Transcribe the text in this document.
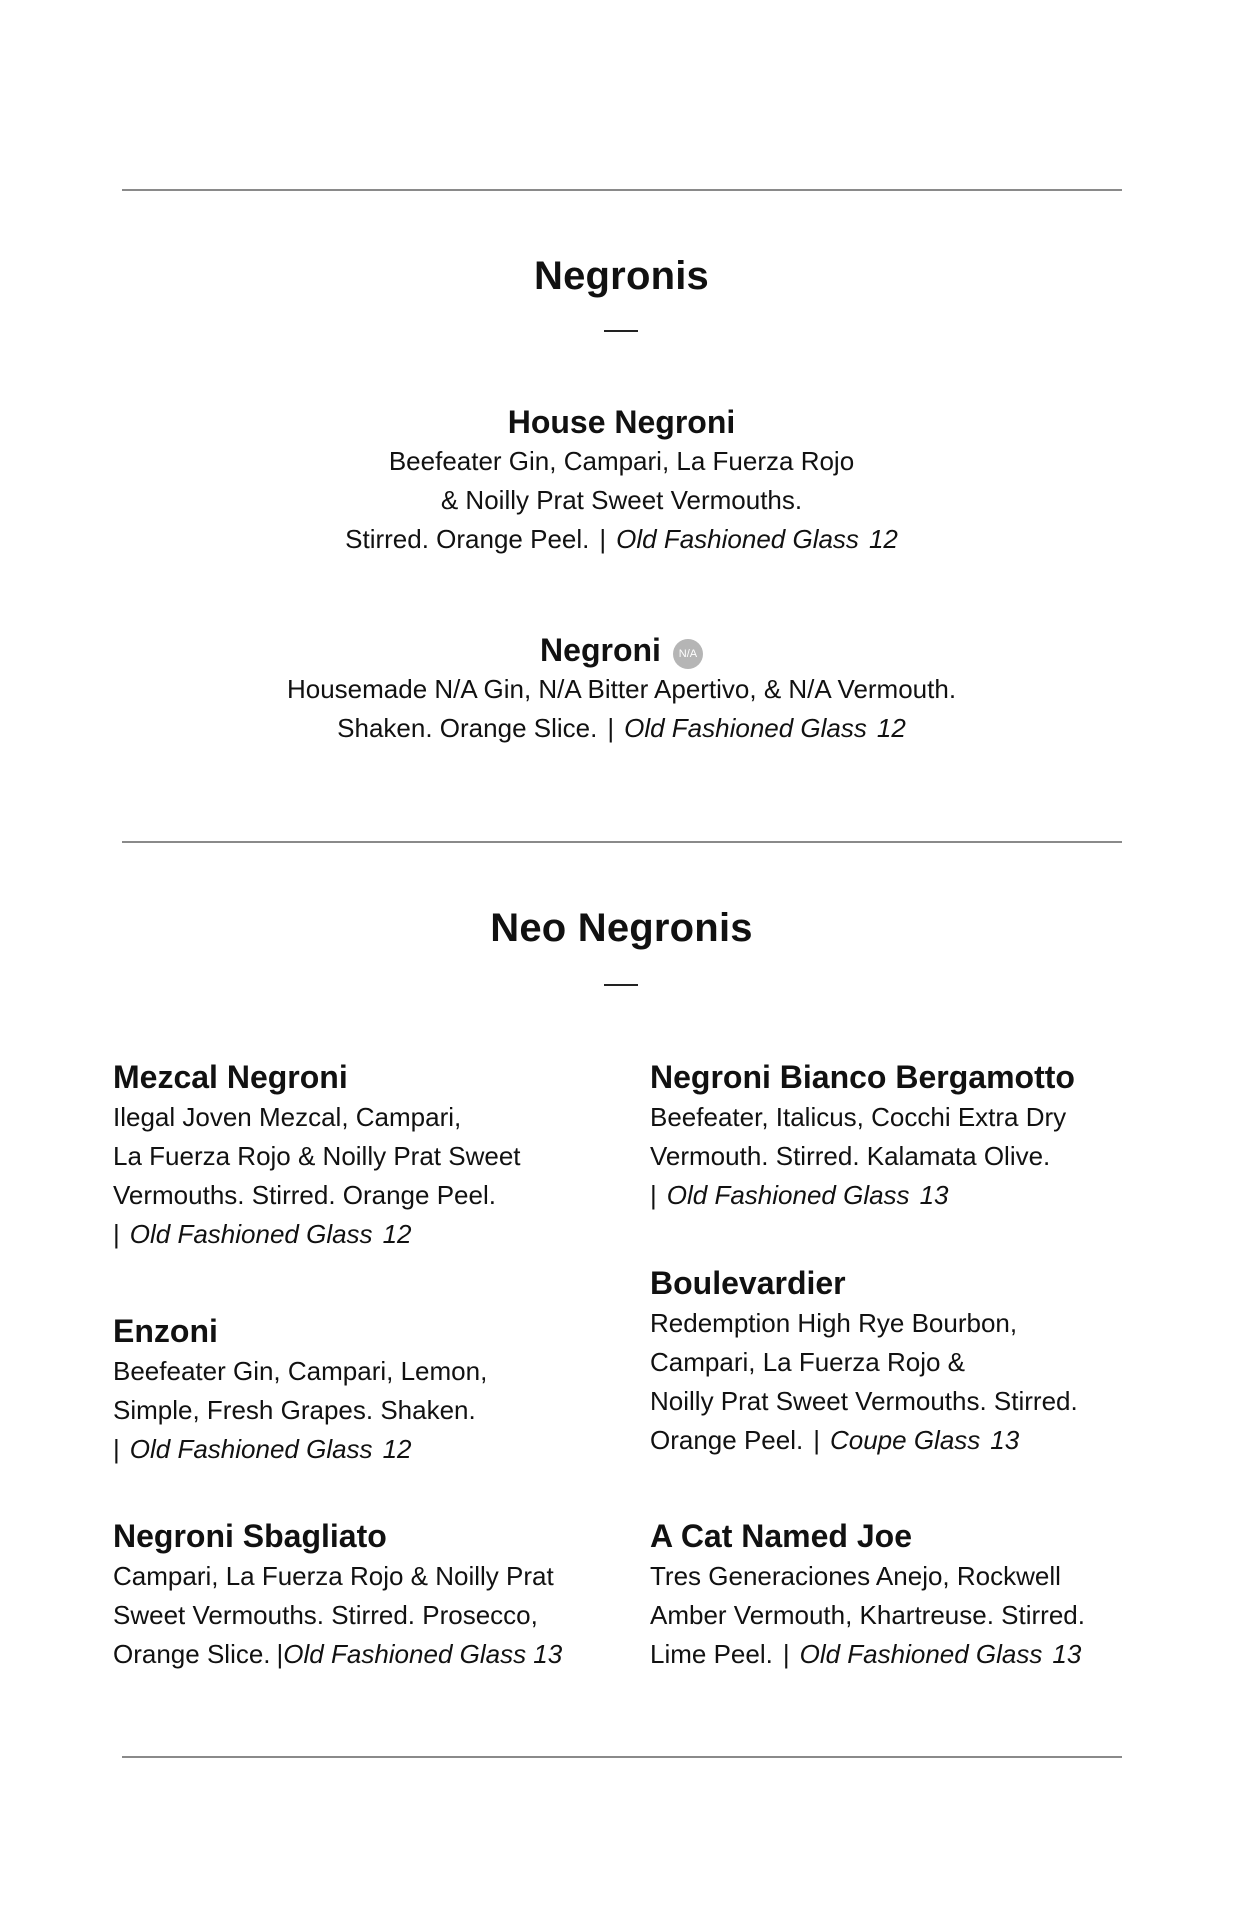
Negronis
House Negroni
Beefeater Gin, Campari, La Fuerza Rojo
& Noilly Prat Sweet Vermouths.
Stirred. Orange Peel. | Old Fashioned Glass 12
Negroni N/A
Housemade N/A Gin, N/A Bitter Apertivo, & N/A Vermouth.
Shaken. Orange Slice. | Old Fashioned Glass 12
Neo Negronis
Mezcal Negroni
Ilegal Joven Mezcal, Campari,
La Fuerza Rojo & Noilly Prat Sweet
Vermouths. Stirred. Orange Peel.
| Old Fashioned Glass 12
Enzoni
Beefeater Gin, Campari, Lemon,
Simple, Fresh Grapes. Shaken.
| Old Fashioned Glass 12
Negroni Sbagliato
Campari, La Fuerza Rojo & Noilly Prat
Sweet Vermouths. Stirred. Prosecco,
Orange Slice. |Old Fashioned Glass 13
Negroni Bianco Bergamotto
Beefeater, Italicus, Cocchi Extra Dry
Vermouth. Stirred. Kalamata Olive.
| Old Fashioned Glass 13
Boulevardier
Redemption High Rye Bourbon,
Campari, La Fuerza Rojo &
Noilly Prat Sweet Vermouths. Stirred.
Orange Peel. | Coupe Glass 13
A Cat Named Joe
Tres Generaciones Anejo, Rockwell
Amber Vermouth, Khartreuse. Stirred.
Lime Peel. | Old Fashioned Glass 13
